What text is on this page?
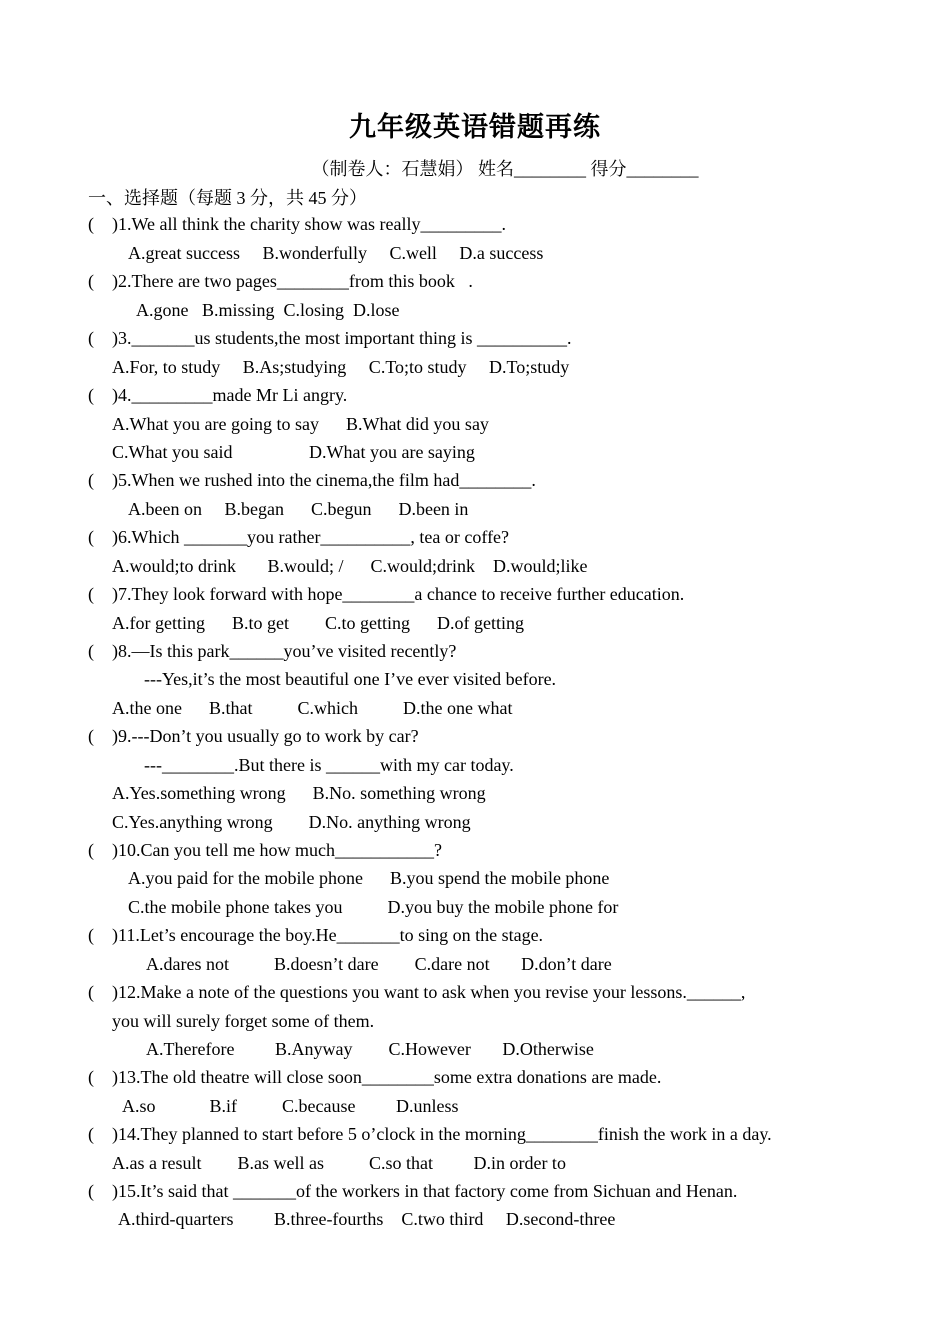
九年级英语错题再练
（制卷人：石慧娟） 姓名________ 得分________
一、选择题（每题 3 分，共 45 分）
(    )1.We all think the charity show was really_________.
A.great success     B.wonderfully     C.well     D.a success
(    )2.There are two pages________from this book   .
A.gone   B.missing  C.losing  D.lose
(    )3._______us students,the most important thing is __________.
A.For, to study     B.As;studying     C.To;to study     D.To;study
(    )4._________made Mr Li angry.
A.What you are going to say      B.What did you say
C.What you said                 D.What you are saying
(    )5.When we rushed into the cinema,the film had________.
A.been on     B.began      C.begun      D.been in
(    )6.Which _______you rather__________, tea or coffe?
A.would;to drink       B.would; /      C.would;drink    D.would;like
(    )7.They look forward with hope________a chance to receive further education.
A.for getting      B.to get        C.to getting      D.of getting
(    )8.—Is this park______you’ve visited recently?
---Yes,it’s the most beautiful one I’ve ever visited before.
A.the one      B.that          C.which          D.the one what
(    )9.---Don’t you usually go to work by car?
---________.But there is ______with my car today.
A.Yes.something wrong      B.No. something wrong
C.Yes.anything wrong        D.No. anything wrong
(    )10.Can you tell me how much___________?
A.you paid for the mobile phone      B.you spend the mobile phone
C.the mobile phone takes you          D.you buy the mobile phone for
(    )11.Let’s encourage the boy.He_______to sing on the stage.
A.dares not          B.doesn’t dare        C.dare not       D.don’t dare
(    )12.Make a note of the questions you want to ask when you revise your lessons.______,
you will surely forget some of them.
A.Therefore         B.Anyway        C.However       D.Otherwise
(    )13.The old theatre will close soon________some extra donations are made.
A.so            B.if          C.because         D.unless
(    )14.They planned to start before 5 o’clock in the morning________finish the work in a day.
A.as a result        B.as well as          C.so that         D.in order to
(    )15.It’s said that _______of the workers in that factory come from Sichuan and Henan.
A.third-quarters         B.three-fourths    C.two third     D.second-three
